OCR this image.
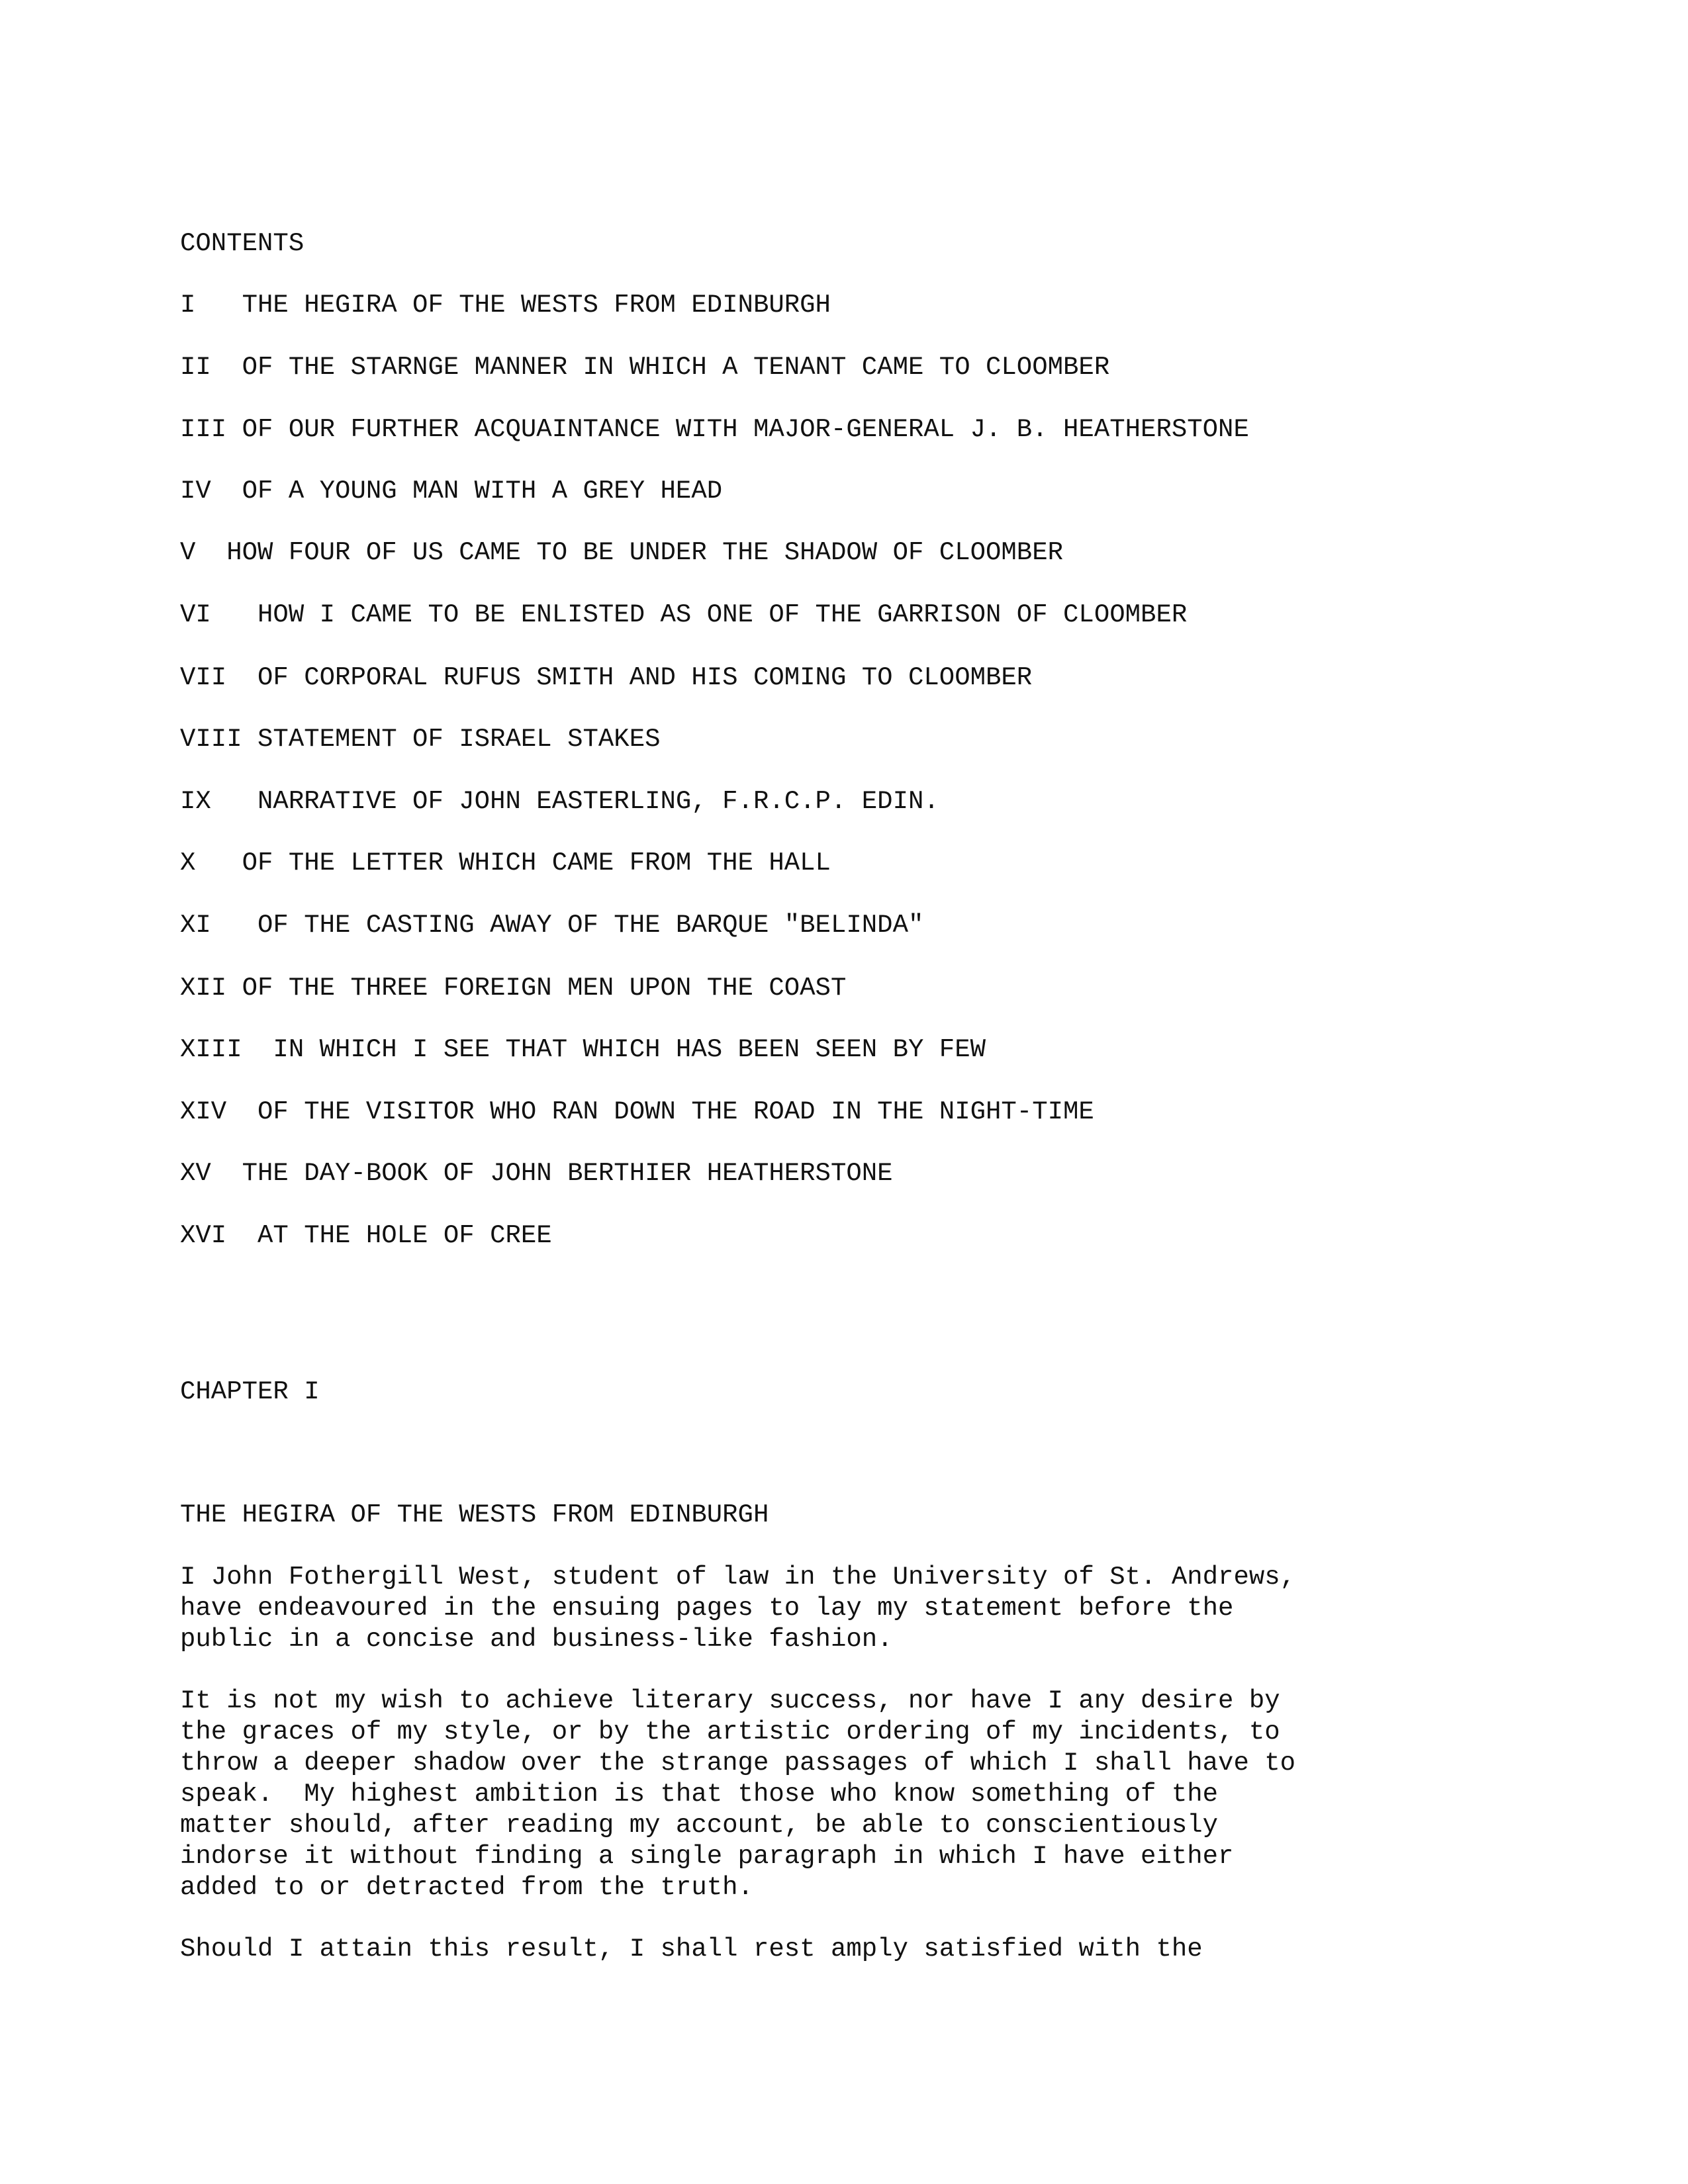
CONTENTS
I   THE HEGIRA OF THE WESTS FROM EDINBURGH
II  OF THE STARNGE MANNER IN WHICH A TENANT CAME TO CLOOMBER
III OF OUR FURTHER ACQUAINTANCE WITH MAJOR-GENERAL J. B. HEATHERSTONE
IV  OF A YOUNG MAN WITH A GREY HEAD
V  HOW FOUR OF US CAME TO BE UNDER THE SHADOW OF CLOOMBER
VI   HOW I CAME TO BE ENLISTED AS ONE OF THE GARRISON OF CLOOMBER
VII  OF CORPORAL RUFUS SMITH AND HIS COMING TO CLOOMBER
VIII STATEMENT OF ISRAEL STAKES
IX   NARRATIVE OF JOHN EASTERLING, F.R.C.P. EDIN.
X   OF THE LETTER WHICH CAME FROM THE HALL
XI   OF THE CASTING AWAY OF THE BARQUE "BELINDA"
XII OF THE THREE FOREIGN MEN UPON THE COAST
XIII  IN WHICH I SEE THAT WHICH HAS BEEN SEEN BY FEW
XIV  OF THE VISITOR WHO RAN DOWN THE ROAD IN THE NIGHT-TIME
XV  THE DAY-BOOK OF JOHN BERTHIER HEATHERSTONE
XVI  AT THE HOLE OF CREE
CHAPTER I
THE HEGIRA OF THE WESTS FROM EDINBURGH
I John Fothergill West, student of law in the University of St. Andrews,
have endeavoured in the ensuing pages to lay my statement before the
public in a concise and business-like fashion.
It is not my wish to achieve literary success, nor have I any desire by
the graces of my style, or by the artistic ordering of my incidents, to
throw a deeper shadow over the strange passages of which I shall have to
speak.  My highest ambition is that those who know something of the
matter should, after reading my account, be able to conscientiously
indorse it without finding a single paragraph in which I have either
added to or detracted from the truth.
Should I attain this result, I shall rest amply satisfied with the
